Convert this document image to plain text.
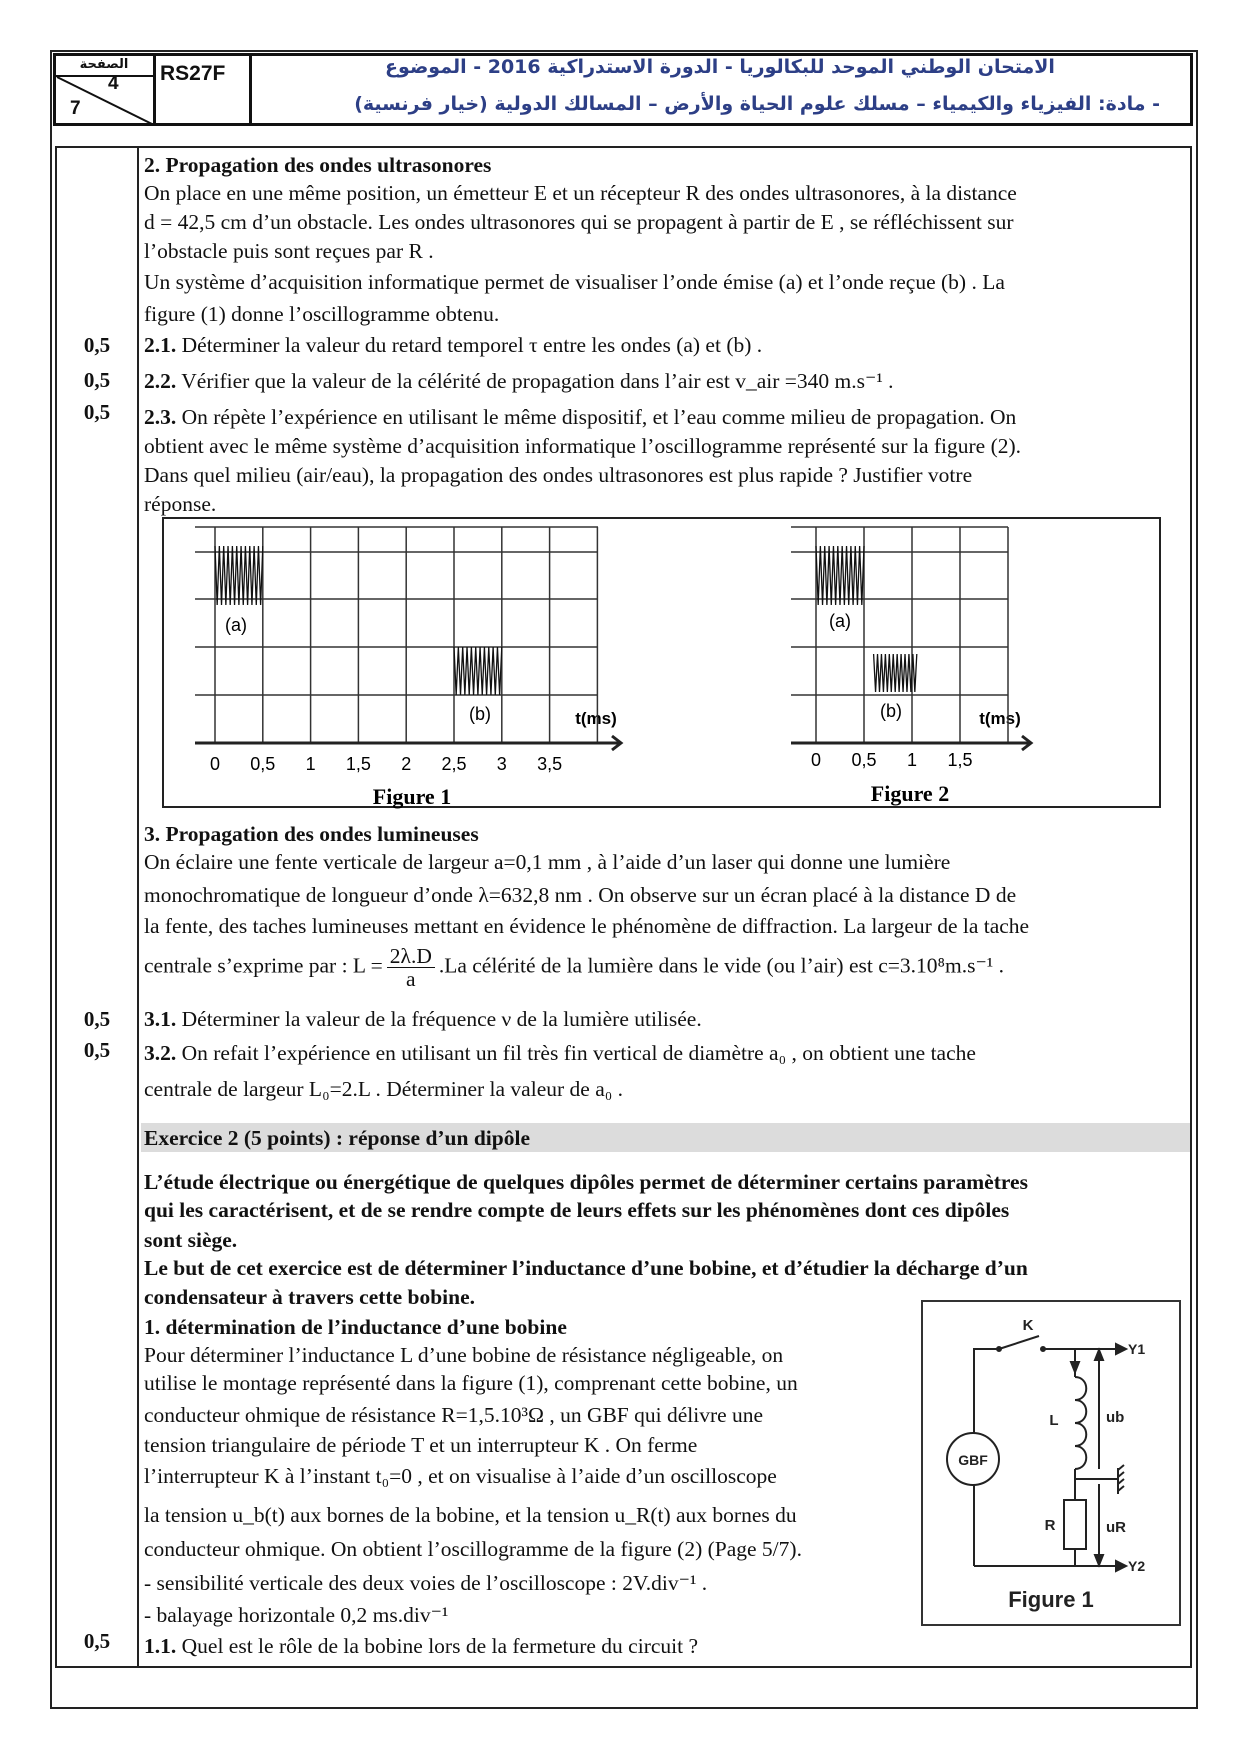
الصفحة
4
7
RS27F	الامتحان الوطني الموحد للبكالوريا - الدورة الاستدراكية 2016 - الموضوع
- مادة: الفيزياء والكيمياء – مسلك علوم الحياة والأرض – المسالك الدولية (خيار فرنسية)
0,5
0,5
0,5
0,5
0,5
0,5
2. Propagation des ondes ultrasonores
On place en une même position, un émetteur E et un récepteur R des ondes ultrasonores, à la distance
d = 42,5 cm d’un obstacle. Les ondes ultrasonores qui se propagent à partir de E , se réfléchissent sur
l’obstacle puis sont reçues par R .
Un système d’acquisition informatique permet de visualiser l’onde émise (a) et l’onde reçue (b) . La
figure (1) donne l’oscillogramme obtenu.
2.1. Déterminer la valeur du retard temporel τ entre les ondes (a) et (b) .
2.2. Vérifier que la valeur de la célérité de propagation dans l’air est v_air =340 m.s⁻¹ .
2.3. On répète l’expérience en utilisant le même dispositif, et l’eau comme milieu de propagation. On
obtient avec le même système d’acquisition informatique l’oscillogramme représenté sur la figure (2).
Dans quel milieu (air/eau), la propagation des ondes ultrasonores est plus rapide ? Justifier votre
réponse.
(a)
(b)	t(ms)
Figure 1
0 0,5 1 1,5 2 2,5 3 3,5
(a)
(b)	t(ms)
Figure 2
0 0,5 1 1,5
K
GBF
L
R
ub
uR
Y1
Y2
Figure 1
3. Propagation des ondes lumineuses
On éclaire une fente verticale de largeur a=0,1 mm , à l’aide d’un laser qui donne une lumière
monochromatique de longueur d’onde λ=632,8 nm . On observe sur un écran placé à la distance D de
la fente, des taches lumineuses mettant en évidence le phénomène de diffraction. La largeur de la tache
centrale s’exprime par : $L = \frac{2\lambda.D}{a} .La$ célérité de la lumière dans le vide (ou l’air) est c=3.10⁸m.s⁻¹ .
3.1. Déterminer la valeur de la fréquence ν de la lumière utilisée.
3.2. On refait l’expérience en utilisant un fil très fin vertical de diamètre a₀ , on obtient une tache
centrale de largeur L₀=2.L . Déterminer la valeur de a₀ .
Exercice 2 (5 points) : réponse d’un dipôle
L’étude électrique ou énergétique de quelques dipôles permet de déterminer certains paramètres
qui les caractérisent, et de se rendre compte de leurs effets sur les phénomènes dont ces dipôles
sont siège.
Le but de cet exercice est de déterminer l’inductance d’une bobine, et d’étudier la décharge d’un
condensateur à travers cette bobine.
1. détermination de l’inductance d’une bobine
Pour déterminer l’inductance L d’une bobine de résistance négligeable, on
utilise le montage représenté dans la figure (1), comprenant cette bobine, un
conducteur ohmique de résistance R=1,5.10³Ω , un GBF qui délivre une
tension triangulaire de période T et un interrupteur K . On ferme
l’interrupteur K à l’instant t₀=0 , et on visualise à l’aide d’un oscilloscope
la tension u_b(t) aux bornes de la bobine, et la tension u_R(t) aux bornes du
conducteur ohmique. On obtient l’oscillogramme de la figure (2) (Page 5/7).
- sensibilité verticale des deux voies de l’oscilloscope : 2V.div⁻¹ .
- balayage horizontale 0,2 ms.div⁻¹
1.1. Quel est le rôle de la bobine lors de la fermeture du circuit ?
